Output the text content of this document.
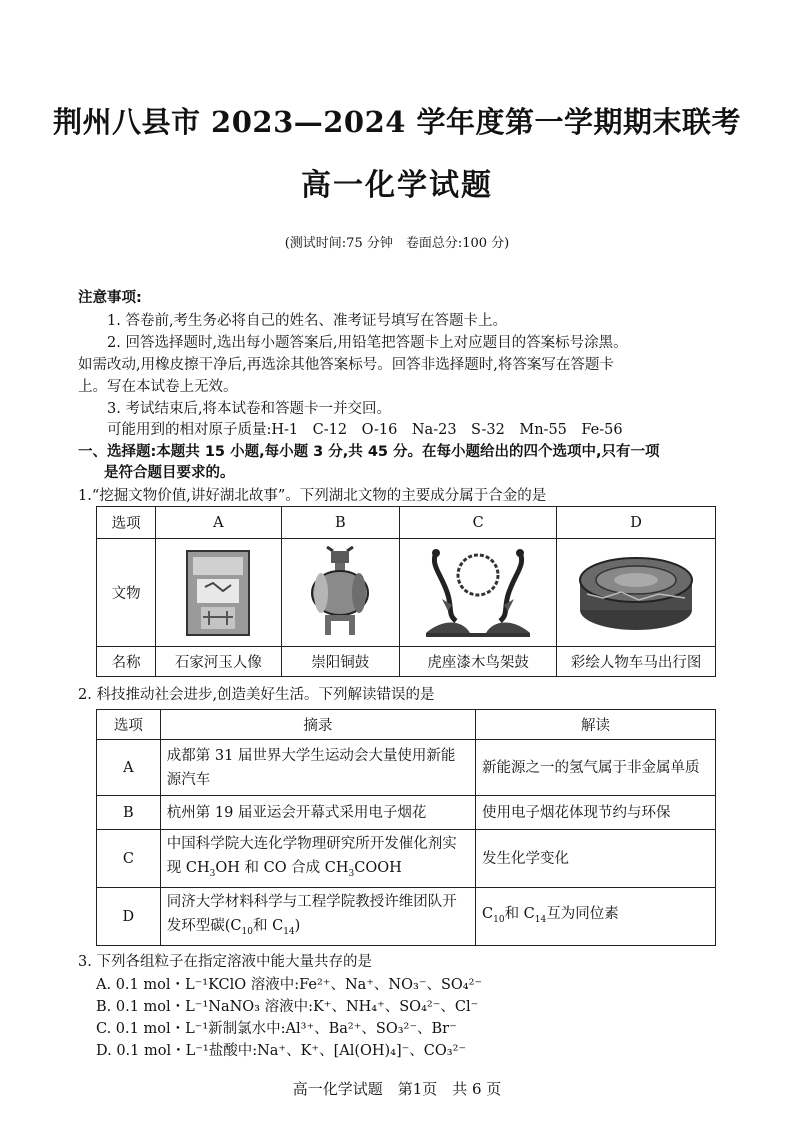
荆州八县市 2023—2024 学年度第一学期期末联考
高一化学试题
(测试时间:75 分钟　卷面总分:100 分)
注意事项:
1. 答卷前,考生务必将自己的姓名、准考证号填写在答题卡上。
2. 回答选择题时,选出每小题答案后,用铅笔把答题卡上对应题目的答案标号涂黑。
如需改动,用橡皮擦干净后,再选涂其他答案标号。回答非选择题时,将答案写在答题卡
上。写在本试卷上无效。
3. 考试结束后,将本试卷和答题卡一并交回。
可能用到的相对原子质量:H-1　C-12　O-16　Na-23　S-32　Mn-55　Fe-56
一、选择题:本题共 15 小题,每小题 3 分,共 45 分。在每小题给出的四个选项中,只有一项
是符合题目要求的。
1.“挖掘文物价值,讲好湖北故事”。下列湖北文物的主要成分属于合金的是
选项	A	B	C	D
文物	

名称	石家河玉人像	崇阳铜鼓	虎座漆木鸟架鼓	彩绘人物车马出行图
2. 科技推动社会进步,创造美好生活。下列解读错误的是
选项	摘录	解读
A	成都第 31 届世界大学生运动会大量使用新能源汽车	新能源之一的氢气属于非金属单质
B	杭州第 19 届亚运会开幕式采用电子烟花	使用电子烟花体现节约与环保
C	中国科学院大连化学物理研究所开发催化剂实现 $CH_3OH$ 和 CO 合成 $CH_3COOH$	发生化学变化
D	同济大学材料科学与工程学院教授许维团队开发环型碳($C_{10}$和 $C_{14}$)	$C_{10}$和 $C_{14}$互为同位素
3. 下列各组粒子在指定溶液中能大量共存的是
A. 0.1 mol・L⁻¹KClO 溶液中:Fe²⁺、Na⁺、NO₃⁻、SO₄²⁻
B. 0.1 mol・L⁻¹NaNO₃ 溶液中:K⁺、NH₄⁺、SO₄²⁻、Cl⁻
C. 0.1 mol・L⁻¹新制氯水中:Al³⁺、Ba²⁺、SO₃²⁻、Br⁻
D. 0.1 mol・L⁻¹盐酸中:Na⁺、K⁺、[Al(OH)₄]⁻、CO₃²⁻
高一化学试题　第1页　共 6 页
